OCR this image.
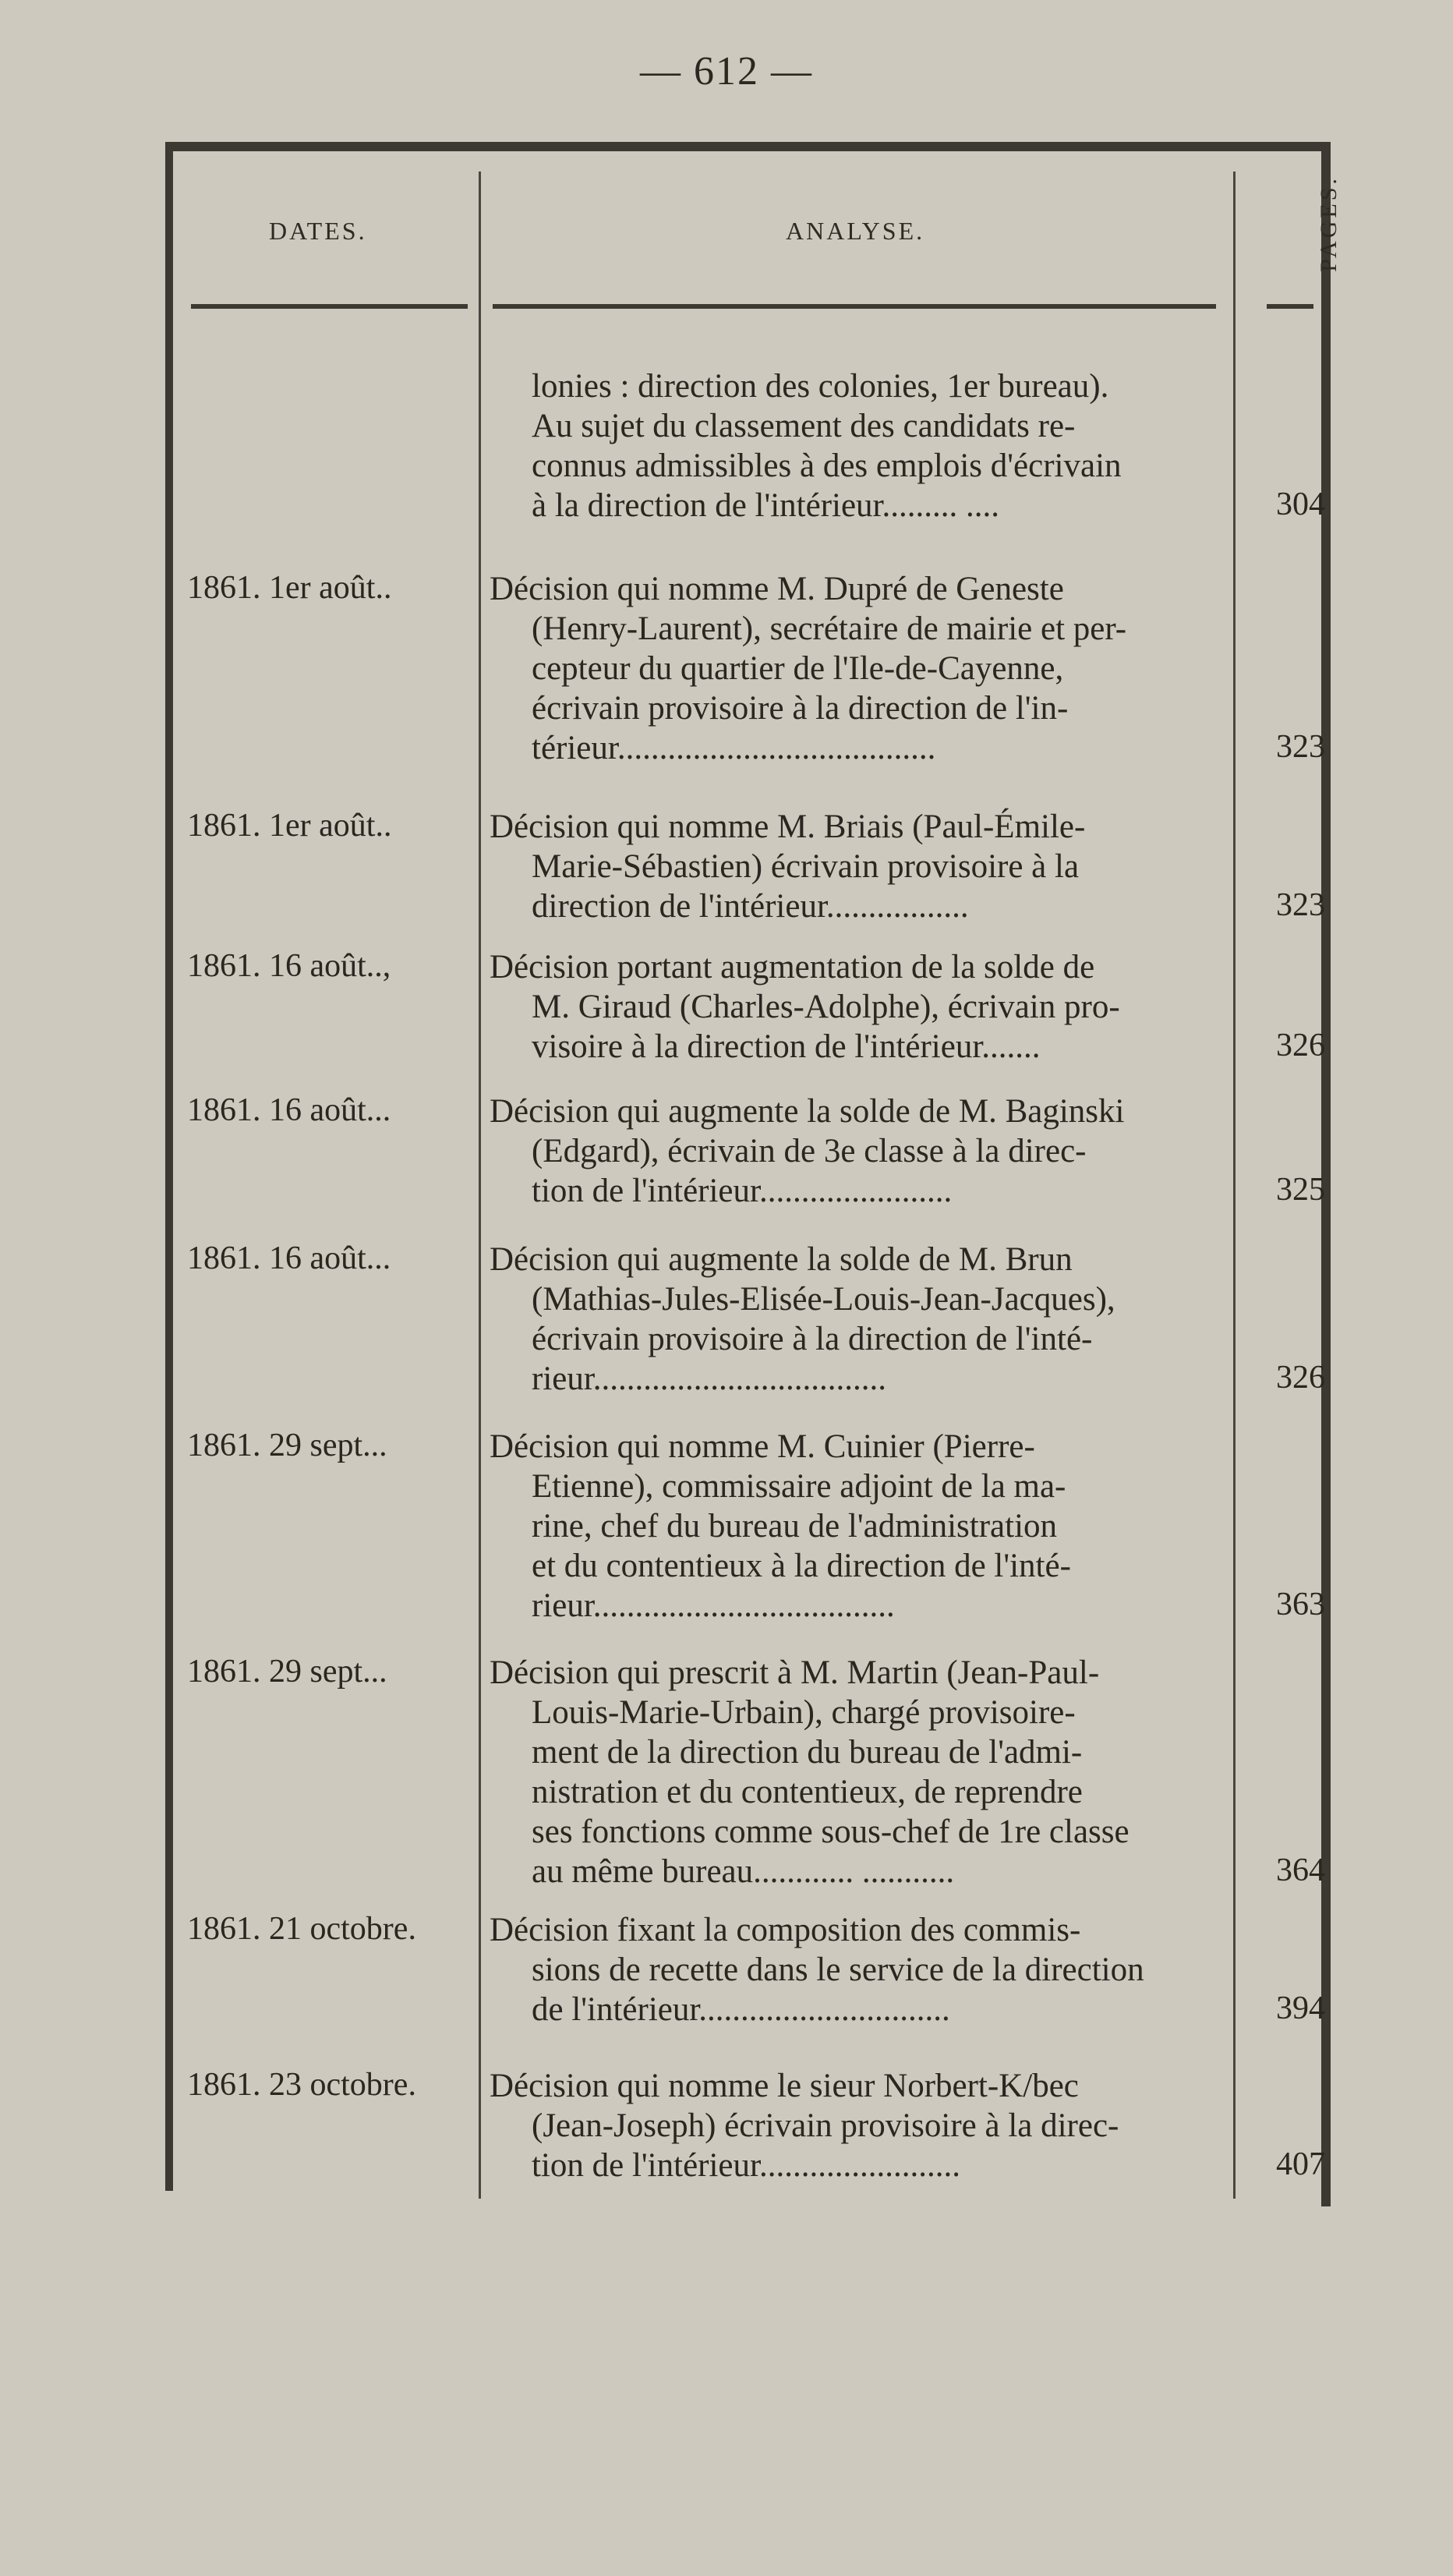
— 612 —
DATES.	ANALYSE.	PAGES.
lonies : direction des colonies, 1er bureau).
Au sujet du classement des candidats re-
connus admissibles à des emplois d'écrivain
à la direction de l'intérieur......... ....	304
1861. 1er août..	Décision qui nomme M. Dupré de Geneste
(Henry-Laurent), secrétaire de mairie et per-
cepteur du quartier de l'Ile-de-Cayenne,
écrivain provisoire à la direction de l'in-
térieur......................................	323
1861. 1er août..	Décision qui nomme M. Briais (Paul-Émile-
Marie-Sébastien) écrivain provisoire à la
direction de l'intérieur.................	323
1861. 16 août..,	Décision portant augmentation de la solde de
M. Giraud (Charles-Adolphe), écrivain pro-
visoire à la direction de l'intérieur.......	326
1861. 16 août...	Décision qui augmente la solde de M. Baginski
(Edgard), écrivain de 3e classe à la direc-
tion de l'intérieur.......................	325
1861. 16 août...	Décision qui augmente la solde de M. Brun
(Mathias-Jules-Elisée-Louis-Jean-Jacques),
écrivain provisoire à la direction de l'inté-
rieur...................................	326
1861. 29 sept...	Décision qui nomme M. Cuinier (Pierre-
Etienne), commissaire adjoint de la ma-
rine, chef du bureau de l'administration
et du contentieux à la direction de l'inté-
rieur....................................	363
1861. 29 sept...	Décision qui prescrit à M. Martin (Jean-Paul-
Louis-Marie-Urbain), chargé provisoire-
ment de la direction du bureau de l'admi-
nistration et du contentieux, de reprendre
ses fonctions comme sous-chef de 1re classe
au même bureau............ ...........	364
1861. 21 octobre.	Décision fixant la composition des commis-
sions de recette dans le service de la direction
de l'intérieur..............................	394
1861. 23 octobre.	Décision qui nomme le sieur Norbert-K/bec
(Jean-Joseph) écrivain provisoire à la direc-
tion de l'intérieur........................	407
